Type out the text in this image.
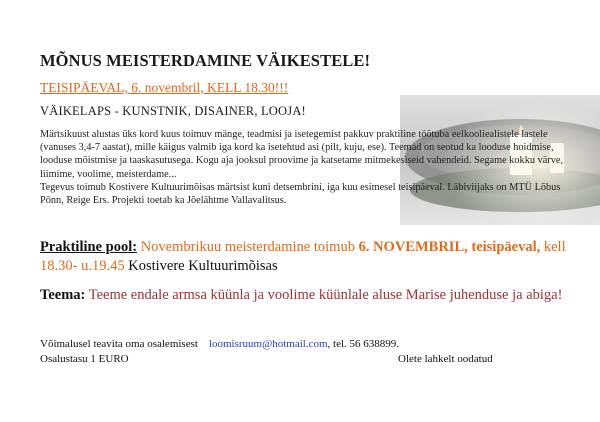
MÕNUS MEISTERDAMINE VÄIKESTELE!
TEISIPÄEVAL, 6. novembril, KELL 18.30!!!
VÄIKELAPS - KUNSTNIK, DISAINER, LOOJA!

Märtsikuust alustas üks kord kuus toimuv mänge, teadmisi ja isetegemist pakkuv praktiline töötuba eelkooliealistele lastele (vanuses 3,4-7 aastat), mille käigus valmib iga kord ka isetehtud asi (pilt, kuju, ese). Teemad on seotud ka looduse hoidmise, looduse mõistmise ja taaskasutusega. Kogu aja jooksul proovime ja katsetame mitmekesiseid vahendeid. Segame kokku värve, liimime, voolime, meisterdame...

Tegevus toimub Kostivere Kultuurimõisas märtsist kuni detsembrini, iga kuu esimesel teisipäeval. Läbiviijaks on MTÜ Lõbus Põnn, Reige Ers. Projekti toetab ka Jõelähtme Vallavalitsus.

Praktiline pool: Novembrikuu meisterdamine toimub 6. NOVEMBRIL, teisipäeval, kell 18.30- u.19.45 Kostivere Kultuurimõisas
Teema: Teeme endale armsa küünla ja voolime küünlale aluse Marise juhenduse ja abiga!
Võimalusel teavita oma osalemisest loomisruum@hotmail.com, tel. 56 638899.
Osalustasu 1 EURO	Olete lahkelt oodatud
